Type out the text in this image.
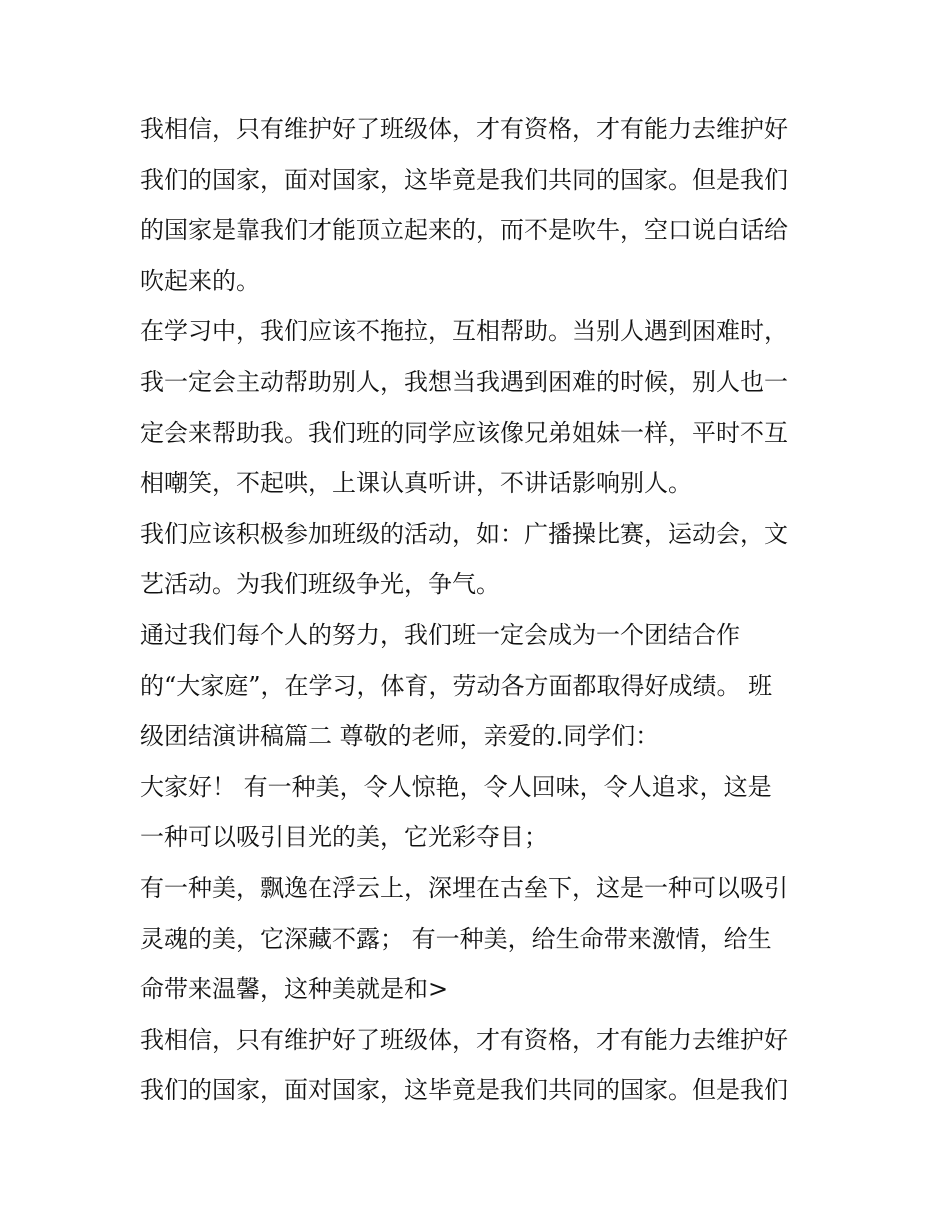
我相信，只有维护好了班级体，才有资格，才有能力去维护好
我们的国家，面对国家，这毕竟是我们共同的国家。但是我们
的国家是靠我们才能顶立起来的，而不是吹牛，空口说白话给
吹起来的。
在学习中，我们应该不拖拉，互相帮助。当别人遇到困难时，
我一定会主动帮助别人，我想当我遇到困难的时候，别人也一
定会来帮助我。我们班的同学应该像兄弟姐妹一样，平时不互
相嘲笑，不起哄，上课认真听讲，不讲话影响别人。
我们应该积极参加班级的活动，如：广播操比赛，运动会，文
艺活动。为我们班级争光，争气。
通过我们每个人的努力，我们班一定会成为一个团结合作
的“大家庭”，在学习，体育，劳动各方面都取得好成绩。 班
级团结演讲稿篇二 尊敬的老师，亲爱的.同学们：
大家好！ 有一种美，令人惊艳，令人回味，令人追求，这是
一种可以吸引目光的美，它光彩夺目；
有一种美，飘逸在浮云上，深埋在古垒下，这是一种可以吸引
灵魂的美，它深藏不露； 有一种美，给生命带来激情，给生
命带来温馨，这种美就是和>
我相信，只有维护好了班级体，才有资格，才有能力去维护好
我们的国家，面对国家，这毕竟是我们共同的国家。但是我们
